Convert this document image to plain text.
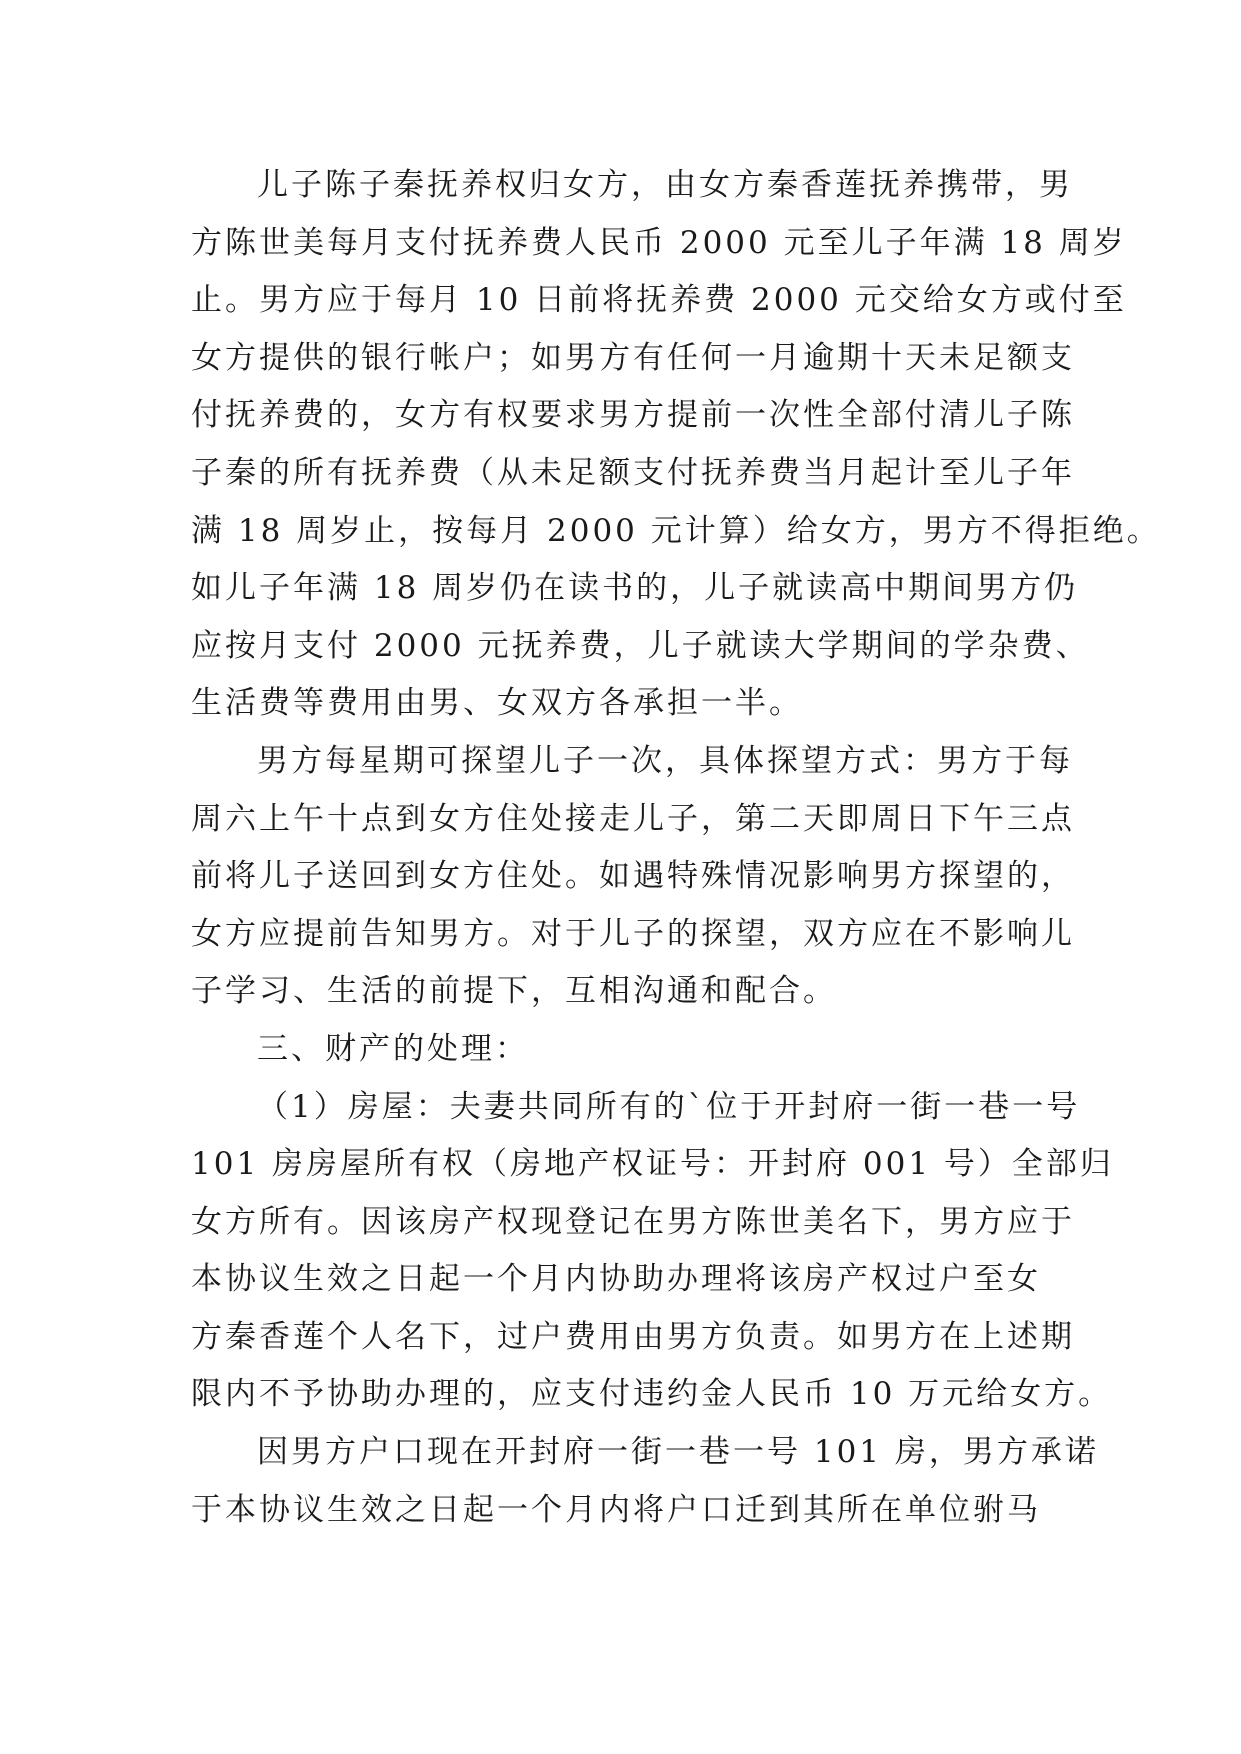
儿子陈子秦抚养权归女方，由女方秦香莲抚养携带，男
方陈世美每月支付抚养费人民币 2000 元至儿子年满 18 周岁
止。男方应于每月 10 日前将抚养费 2000 元交给女方或付至
女方提供的银行帐户；如男方有任何一月逾期十天未足额支
付抚养费的，女方有权要求男方提前一次性全部付清儿子陈
子秦的所有抚养费（从未足额支付抚养费当月起计至儿子年
满 18 周岁止，按每月 2000 元计算）给女方，男方不得拒绝。
如儿子年满 18 周岁仍在读书的，儿子就读高中期间男方仍
应按月支付 2000 元抚养费，儿子就读大学期间的学杂费、
生活费等费用由男、女双方各承担一半。
男方每星期可探望儿子一次，具体探望方式：男方于每
周六上午十点到女方住处接走儿子，第二天即周日下午三点
前将儿子送回到女方住处。如遇特殊情况影响男方探望的，
女方应提前告知男方。对于儿子的探望，双方应在不影响儿
子学习、生活的前提下，互相沟通和配合。
三、财产的处理：
（1）房屋：夫妻共同所有的`位于开封府一街一巷一号
101 房房屋所有权（房地产权证号：开封府 001 号）全部归
女方所有。因该房产权现登记在男方陈世美名下，男方应于
本协议生效之日起一个月内协助办理将该房产权过户至女
方秦香莲个人名下，过户费用由男方负责。如男方在上述期
限内不予协助办理的，应支付违约金人民币 10 万元给女方。
因男方户口现在开封府一街一巷一号 101 房，男方承诺
于本协议生效之日起一个月内将户口迁到其所在单位驸马
